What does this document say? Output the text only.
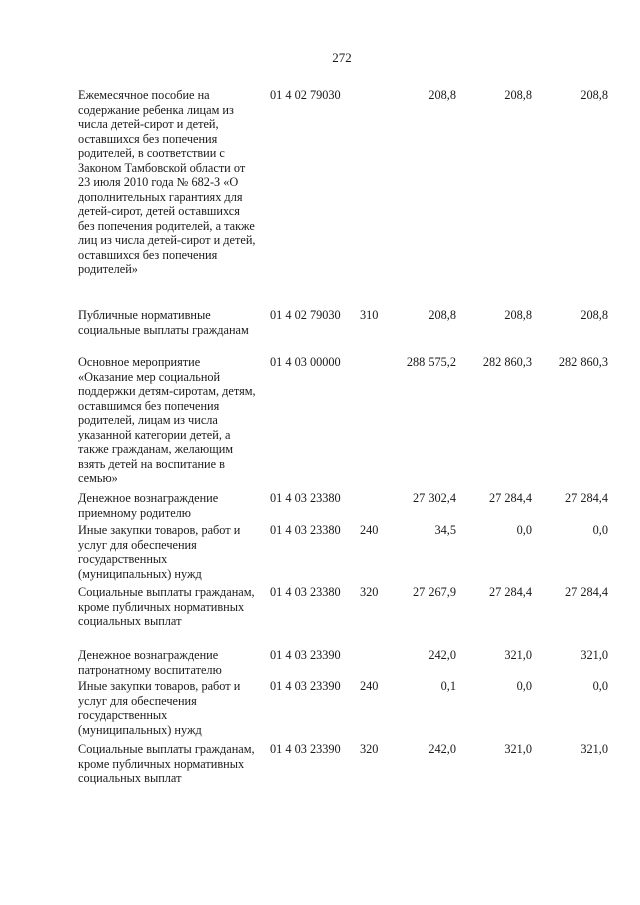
272
Ежемесячное пособие на содержание ребенка лицам из числа детей-сирот и детей, оставшихся без попечения родителей, в соответствии с Законом Тамбовской области от 23 июля 2010 года № 682-З «О дополнительных гарантиях для детей-сирот, детей оставшихся без попечения родителей, а также лиц из числа детей-сирот и детей, оставшихся без попечения родителей»
01 4 02 79030	208,8	208,8	208,8
Публичные нормативные социальные выплаты гражданам
01 4 02 79030 310	208,8	208,8	208,8
Основное мероприятие «Оказание мер социальной поддержки детям-сиротам, детям, оставшимся без попечения родителей, лицам из числа указанной категории детей, а также гражданам, желающим взять детей на воспитание в семью»
01 4 03 00000	288 575,2	282 860,3	282 860,3
Денежное вознаграждение приемному родителю
01 4 03 23380	27 302,4	27 284,4	27 284,4
Иные закупки товаров, работ и услуг для обеспечения государственных (муниципальных) нужд
01 4 03 23380 240	34,5	0,0	0,0
Социальные выплаты гражданам, кроме публичных нормативных социальных выплат
01 4 03 23380 320	27 267,9	27 284,4	27 284,4
Денежное вознаграждение патронатному воспитателю
01 4 03 23390	242,0	321,0	321,0
Иные закупки товаров, работ и услуг для обеспечения государственных (муниципальных) нужд
01 4 03 23390 240	0,1	0,0	0,0
Социальные выплаты гражданам, кроме публичных нормативных социальных выплат
01 4 03 23390 320	242,0	321,0	321,0
